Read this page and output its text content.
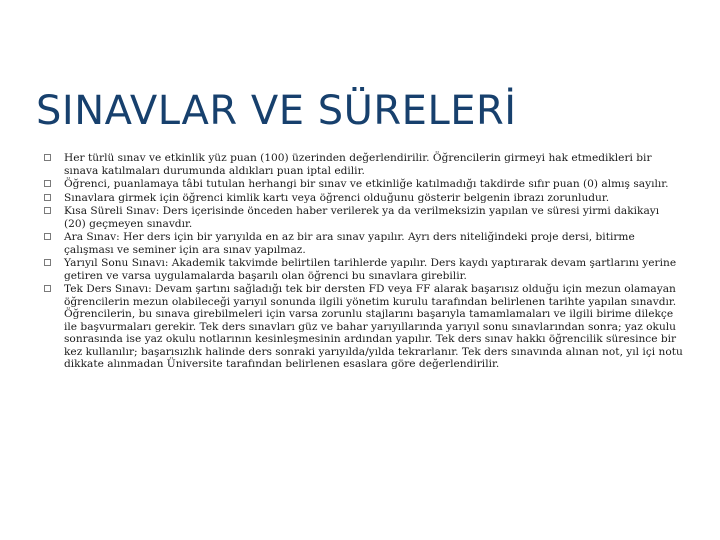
SINAVLAR VE SÜRELERİ
Her türlü sınav ve etkinlik yüz puan (100) üzerinden değerlendirilir. Öğrencilerin girmeyi hak etmedikleri bir sınava katılmaları durumunda aldıkları puan iptal edilir.
Öğrenci, puanlamaya tâbi tutulan herhangi bir sınav ve etkinliğe katılmadığı takdirde sıfır puan (0) almış sayılır.
Sınavlara girmek için öğrenci kimlik kartı veya öğrenci olduğunu gösterir belgenin ibrazı zorunludur.
Kısa Süreli Sınav: Ders içerisinde önceden haber verilerek ya da verilmeksizin yapılan ve süresi yirmi dakikayı (20) geçmeyen sınavdır.
Ara Sınav: Her ders için bir yarıyılda en az bir ara sınav yapılır. Ayrı ders niteliğindeki proje dersi, bitirme çalışması ve seminer için ara sınav yapılmaz.
Yarıyıl Sonu Sınavı: Akademik takvimde belirtilen tarihlerde yapılır. Ders kaydı yaptırarak devam şartlarını yerine getiren ve varsa uygulamalarda başarılı olan öğrenci bu sınavlara girebilir.
Tek Ders Sınavı: Devam şartını sağladığı tek bir dersten FD veya FF alarak başarısız olduğu için mezun olamayan öğrencilerin mezun olabileceği yarıyıl sonunda ilgili yönetim kurulu tarafından belirlenen tarihte yapılan sınavdır. Öğrencilerin, bu sınava girebilmeleri için varsa zorunlu stajlarını başarıyla tamamlamaları ve ilgili birime dilekçe ile başvurmaları gerekir. Tek ders sınavları güz ve bahar yarıyıllarında yarıyıl sonu sınavlarından sonra; yaz okulu sonrasında ise yaz okulu notlarının kesinleşmesinin ardından yapılır. Tek ders sınav hakkı öğrencilik süresince bir kez kullanılır; başarısızlık halinde ders sonraki yarıyılda/yılda tekrarlanır. Tek ders sınavında alınan not, yıl içi notu dikkate alınmadan Üniversite tarafından belirlenen esaslara göre değerlendirilir.
